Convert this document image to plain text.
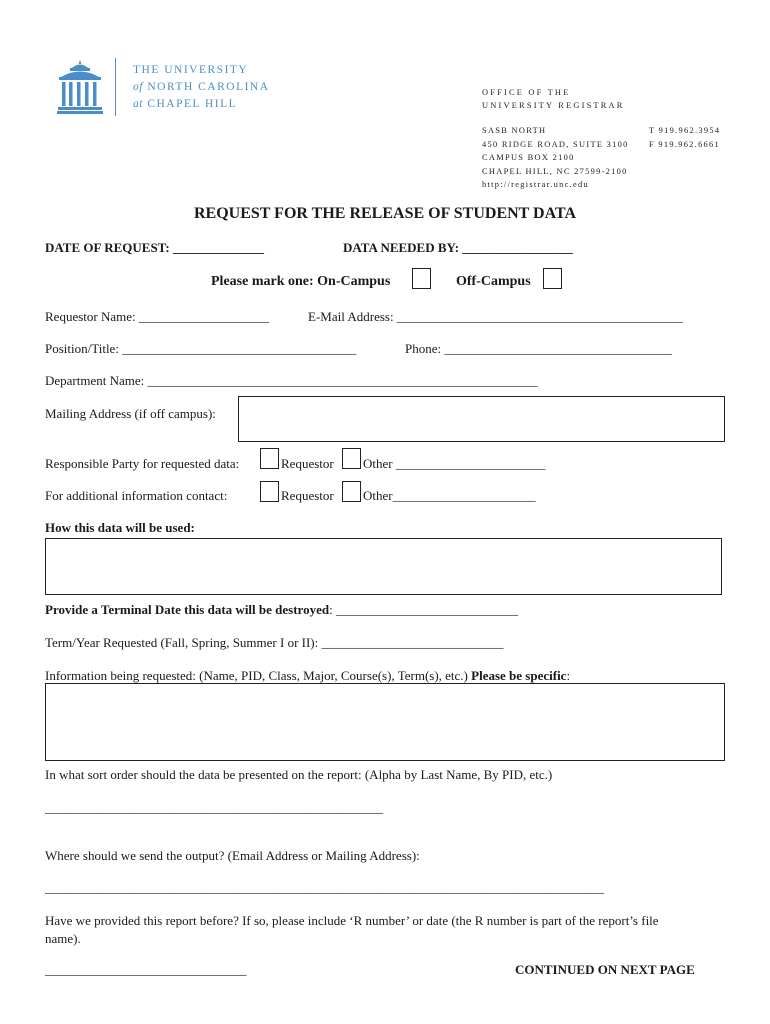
THE UNIVERSITY
of NORTH CAROLINA
at CHAPEL HILL
OFFICE OF THE
UNIVERSITY REGISTRAR
SASB NORTH
450 RIDGE ROAD, SUITE 3100
CAMPUS BOX 2100
CHAPEL HILL, NC 27599-2100
http://registrar.unc.edu
T 919.962.3954
F 919.962.6661
REQUEST FOR THE RELEASE OF STUDENT DATA
DATE OF REQUEST: ______________	DATA NEEDED BY: _________________
Please mark one: On-Campus	Off-Campus
Requestor Name: ____________________	E-Mail Address: ____________________________________________
Position/Title: ____________________________________	Phone: ___________________________________
Department Name: ____________________________________________________________
Mailing Address (if off campus):
Responsible Party for requested data:	Requestor Other _______________________
For additional information contact:	Requestor Other______________________
How this data will be used:
Provide a Terminal Date this data will be destroyed: ____________________________
Term/Year Requested (Fall, Spring, Summer I or II): ____________________________
Information being requested: (Name, PID, Class, Major, Course(s), Term(s), etc.) Please be specific:
In what sort order should the data be presented on the report: (Alpha by Last Name, By PID, etc.)
____________________________________________________
Where should we send the output? (Email Address or Mailing Address):
______________________________________________________________________________________
Have we provided this report before? If so, please include ‘R number’ or date (the R number is part of the report’s file
name).
_______________________________	CONTINUED ON NEXT PAGE
